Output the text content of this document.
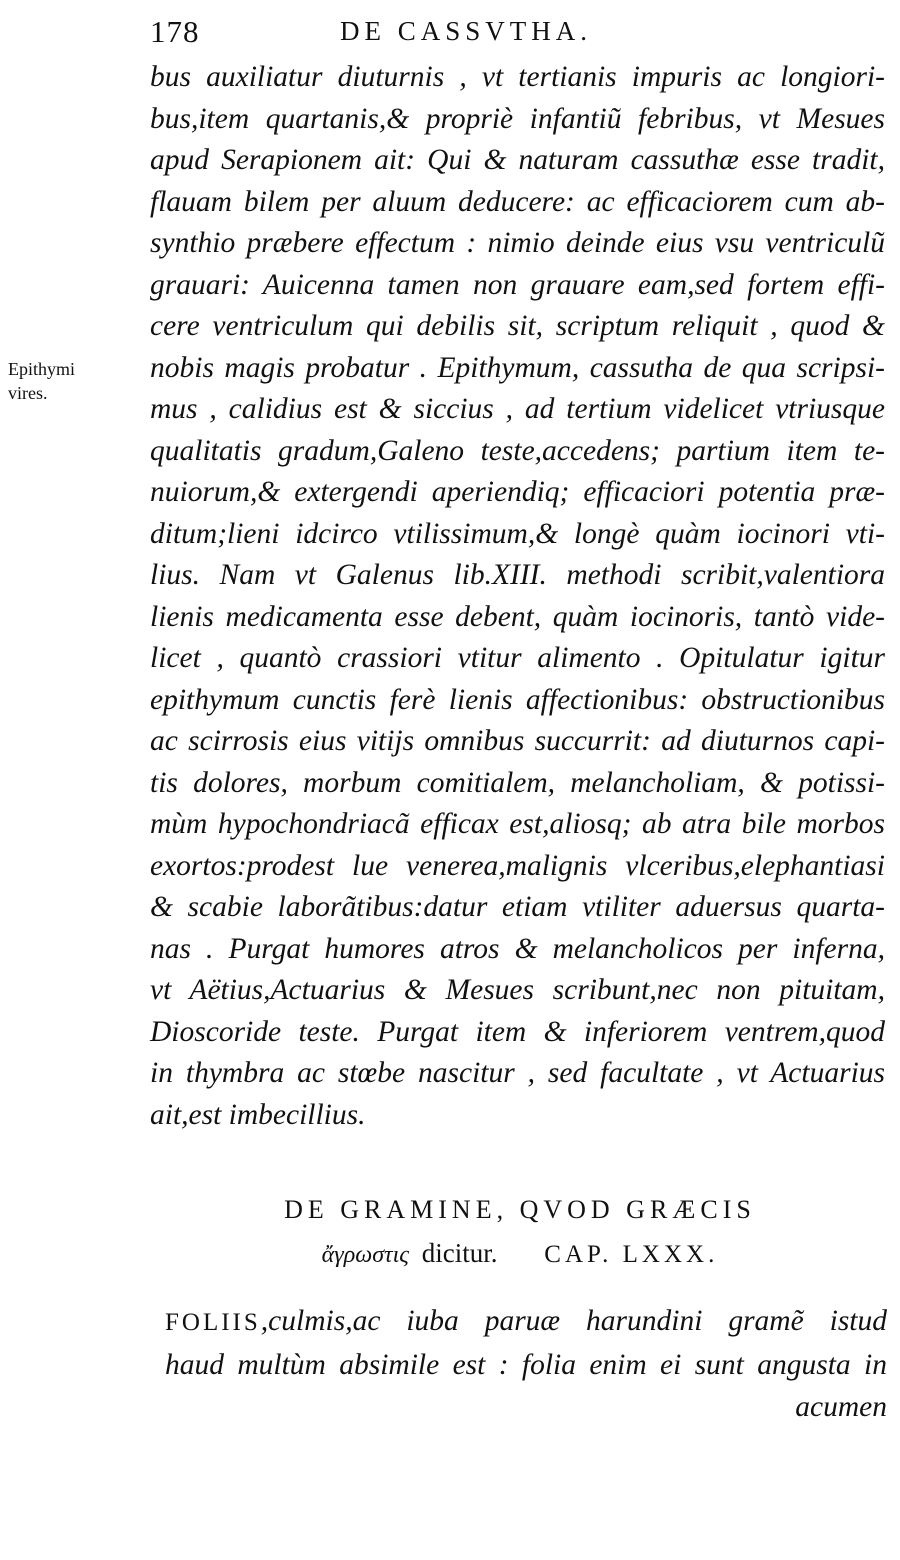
178	DE CASSVTHA.
Epithymi
vires.
bus auxiliatur diuturnis , vt tertianis impuris ac longiori-
bus,item quartanis,& propriè infantiũ febribus, vt Mesues
apud Serapionem ait: Qui & naturam cassuthæ esse tradit,
flauam bilem per aluum deducere: ac efficaciorem cum ab-
synthio præbere effectum : nimio deinde eius vsu ventriculũ
grauari: Auicenna tamen non grauare eam,sed fortem effi-
cere ventriculum qui debilis sit, scriptum reliquit , quod &
nobis magis probatur . Epithymum, cassutha de qua scripsi-
mus , calidius est & siccius , ad tertium videlicet vtriusque
qualitatis gradum,Galeno teste,accedens; partium item te-
nuiorum,& extergendi aperiendiq; efficaciori potentia præ-
ditum;lieni idcirco vtilissimum,& longè quàm iocinori vti-
lius. Nam vt Galenus lib.XIII. methodi scribit,valentiora
lienis medicamenta esse debent, quàm iocinoris, tantò vide-
licet , quantò crassiori vtitur alimento . Opitulatur igitur
epithymum cunctis ferè lienis affectionibus: obstructionibus
ac scirrosis eius vitijs omnibus succurrit: ad diuturnos capi-
tis dolores, morbum comitialem, melancholiam, & potissi-
mùm hypochondriacã efficax est,aliosq; ab atra bile morbos
exortos:prodest lue venerea,malignis vlceribus,elephantiasi
& scabie laborãtibus:datur etiam vtiliter aduersus quarta-
nas . Purgat humores atros & melancholicos per inferna,
vt Aëtius,Actuarius & Mesues scribunt,nec non pituitam,
Dioscoride teste. Purgat item & inferiorem ventrem,quod
in thymbra ac stœbe nascitur , sed facultate , vt Actuarius
ait,est imbecillius.
DE GRAMINE, QVOD GRÆCIS
ἄγρωστις dicitur. CAP. LXXX.
FOLIIS,culmis,ac iuba paruæ harundini gramẽ istud
haud multùm absimile est : folia enim ei sunt angusta in
acumen
